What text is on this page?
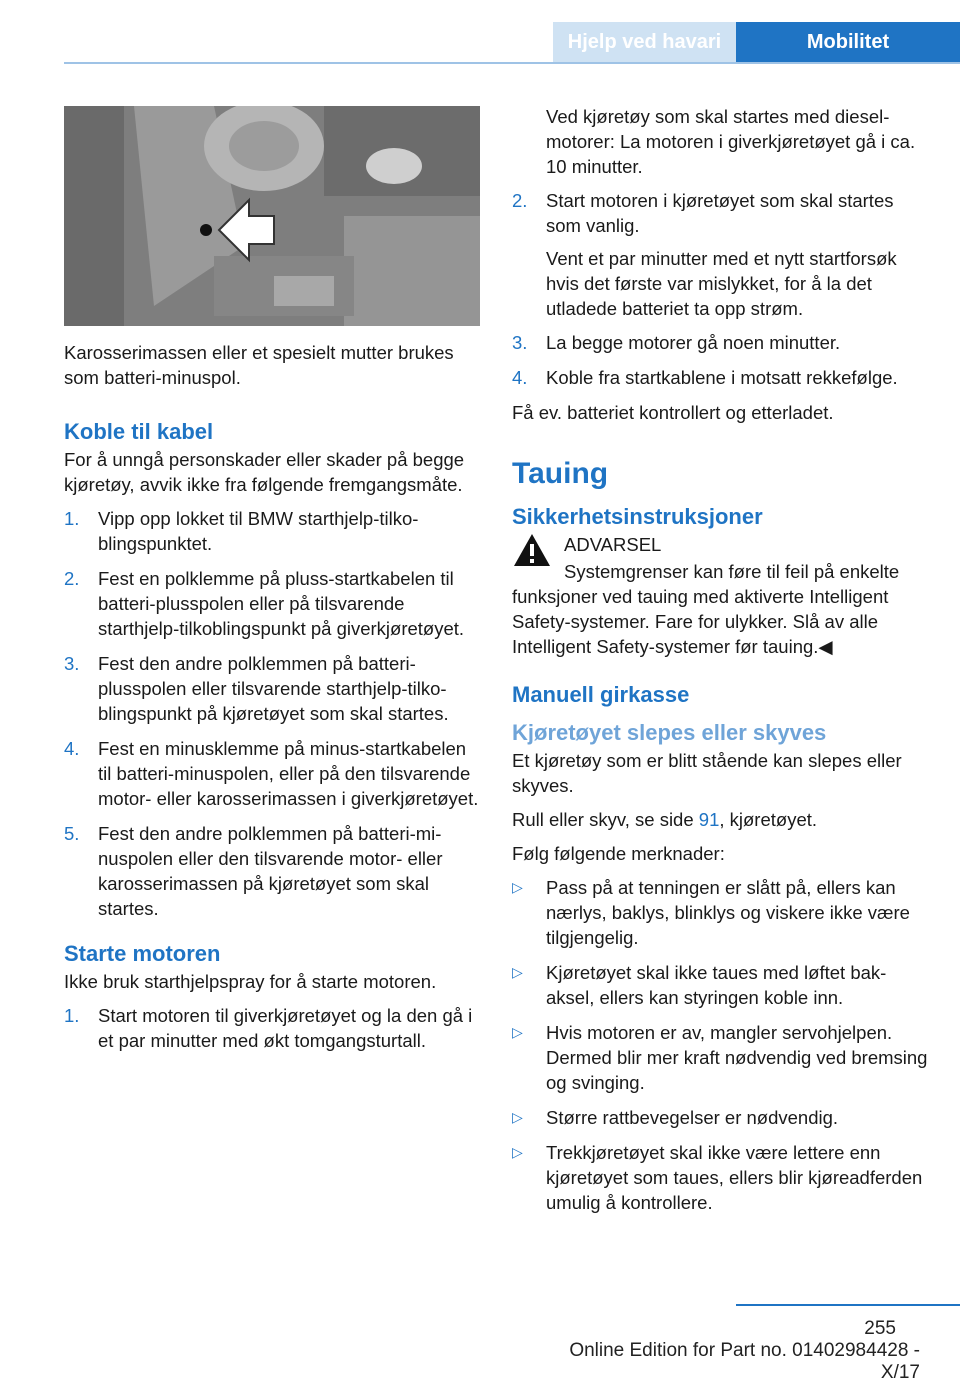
Hjelp ved havari	Mobilitet

Karosserimassen eller et spesielt mutter brukes som batteri-minuspol.

Koble til kabel

For å unngå personskader eller skader på begge kjøretøy, avvik ikke fra følgende fremgangsmåte.

1. Vipp opp lokket til BMW starthjelp-tilkoblingspunktet.
2. Fest en polklemme på pluss-startkabelen til batteri-plusspolen eller på tilsvarende starthjelp-tilkoblingspunkt på giverkjøretøyet.
3. Fest den andre polklemmen på batteri-plusspolen eller tilsvarende starthjelp-tilkoblingspunkt på kjøretøyet som skal startes.
4. Fest en minusklemme på minus-startkabelen til batteri-minuspolen, eller på den tilsvarende motor- eller karosserimassen i giverkjøretøyet.
5. Fest den andre polklemmen på batteri-minuspolen eller den tilsvarende motor- eller karosserimassen på kjøretøyet som skal startes.
Starte motoren

Ikke bruk starthjelpspray for å starte motoren.

1. Start motoren til giverkjøretøyet og la den gå i et par minutter med økt tomgangsturtall.

Ved kjøretøy som skal startes med dieselmotorer: La motoren i giverkjøretøyet gå i ca. 10 minutter.

2. Start motoren i kjøretøyet som skal startes som vanlig.

Vent et par minutter med et nytt startforsøk hvis det første var mislykket, for å la det utladede batteriet ta opp strøm.

3. La begge motorer gå noen minutter.
4. Koble fra startkablene i motsatt rekkefølge.

Få ev. batteriet kontrollert og etterladet.

Tauing
Sikkerhetsinstruksjoner

ADVARSEL

Systemgrenser kan føre til feil på enkelte

funksjoner ved tauing med aktiverte Intelligent Safety-systemer. Fare for ulykker. Slå av alle Intelligent Safety-systemer før tauing.◀

Manuell girkasse
Kjøretøyet slepes eller skyves

Et kjøretøy som er blitt stående kan slepes eller skyves.

Rull eller skyv, se side 91, kjøretøyet.

Følg følgende merknader:

▷ Pass på at tenningen er slått på, ellers kan nærlys, baklys, blinklys og viskere ikke være tilgjengelig.
▷ Kjøretøyet skal ikke taues med løftet bakaksel, ellers kan styringen koble inn.
▷ Hvis motoren er av, mangler servohjelpen. Dermed blir mer kraft nødvendig ved bremsing og svinging.
▷ Større rattbevegelser er nødvendig.
▷ Trekkjøretøyet skal ikke være lettere enn kjøretøyet som taues, ellers blir kjøreadferden umulig å kontrollere.
255
Online Edition for Part no. 01402984428 - X/17
